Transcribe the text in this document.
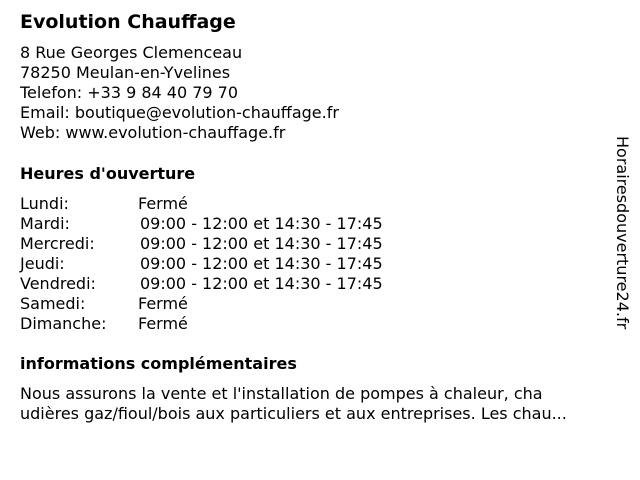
Evolution Chauffage
8 Rue Georges Clemenceau
78250 Meulan-en-Yvelines
Telefon: +33 9 84 40 79 70
Email: boutique@evolution-chauffage.fr
Web: www.evolution-chauffage.fr
Heures d'ouverture
Lundi:	Fermé
Mardi:	09:00 - 12:00 et 14:30 - 17:45
Mercredi:	09:00 - 12:00 et 14:30 - 17:45
Jeudi:	09:00 - 12:00 et 14:30 - 17:45
Vendredi:	09:00 - 12:00 et 14:30 - 17:45
Samedi:	Fermé
Dimanche: Fermé
informations complémentaires
Nous assurons la vente et l'installation de pompes à chaleur, cha
udières gaz/fioul/bois aux particuliers et aux entreprises. Les chau...
Horairesdouverture24.fr
